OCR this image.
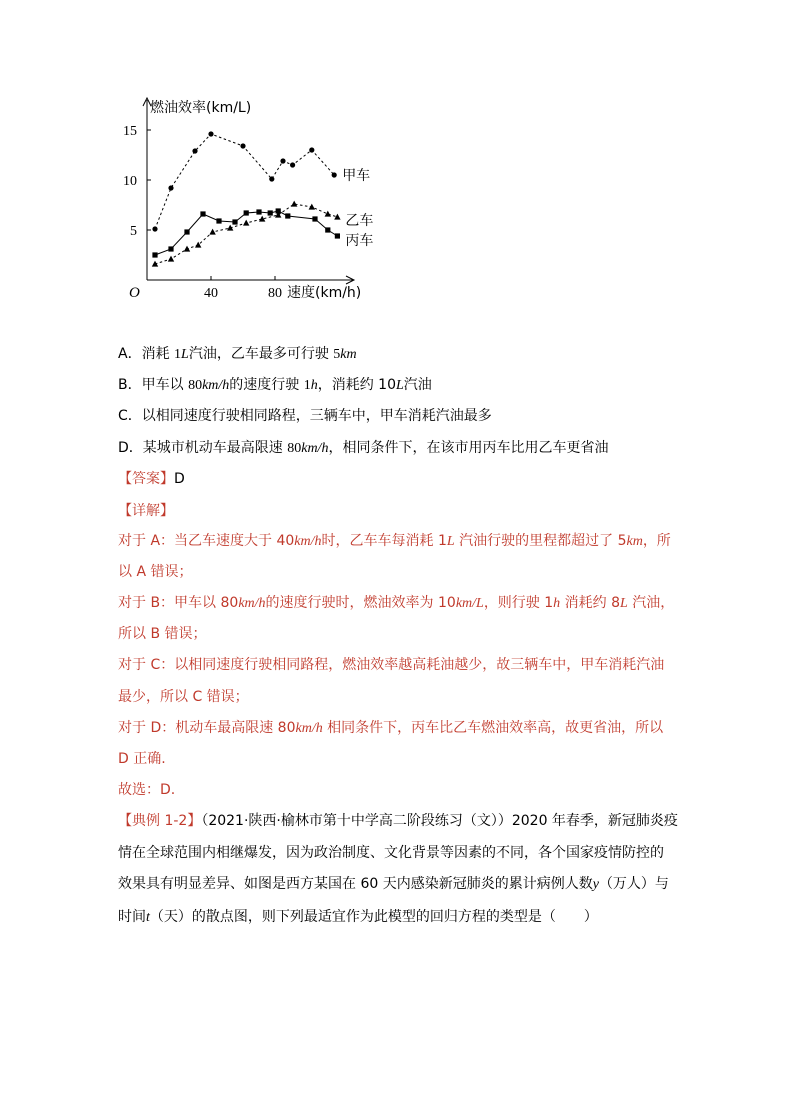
5
10
15
40	80
O
燃油效率(km/L)
速度(km/h)
甲车
乙车
丙车
A．消耗 1L汽油，乙车最多可行驶 5km
B．甲车以 80km/h的速度行驶 1h，消耗约 10L汽油
C．以相同速度行驶相同路程，三辆车中，甲车消耗汽油最多
D．某城市机动车最高限速 80km/h，相同条件下，在该市用丙车比用乙车更省油
【答案】D
【详解】
对于 A：当乙车速度大于 40km/h时，乙车车每消耗 1L 汽油行驶的里程都超过了 5km，所
以 A 错误；
对于 B：甲车以 80km/h的速度行驶时，燃油效率为 10km/L，则行驶 1h 消耗约 8L 汽油，
所以 B 错误；
对于 C：以相同速度行驶相同路程，燃油效率越高耗油越少，故三辆车中，甲车消耗汽油
最少，所以 C 错误；
对于 D：机动车最高限速 80km/h 相同条件下，丙车比乙车燃油效率高，故更省油，所以
D 正确.
故选：D.
【典例 1-2】（2021·陕西·榆林市第十中学高二阶段练习（文））2020 年春季，新冠肺炎疫
情在全球范围内相继爆发，因为政治制度、文化背景等因素的不同，各个国家疫情防控的
效果具有明显差异、如图是西方某国在 60 天内感染新冠肺炎的累计病例人数y（万人）与
时间t（天）的散点图，则下列最适宜作为此模型的回归方程的类型是（　　）
